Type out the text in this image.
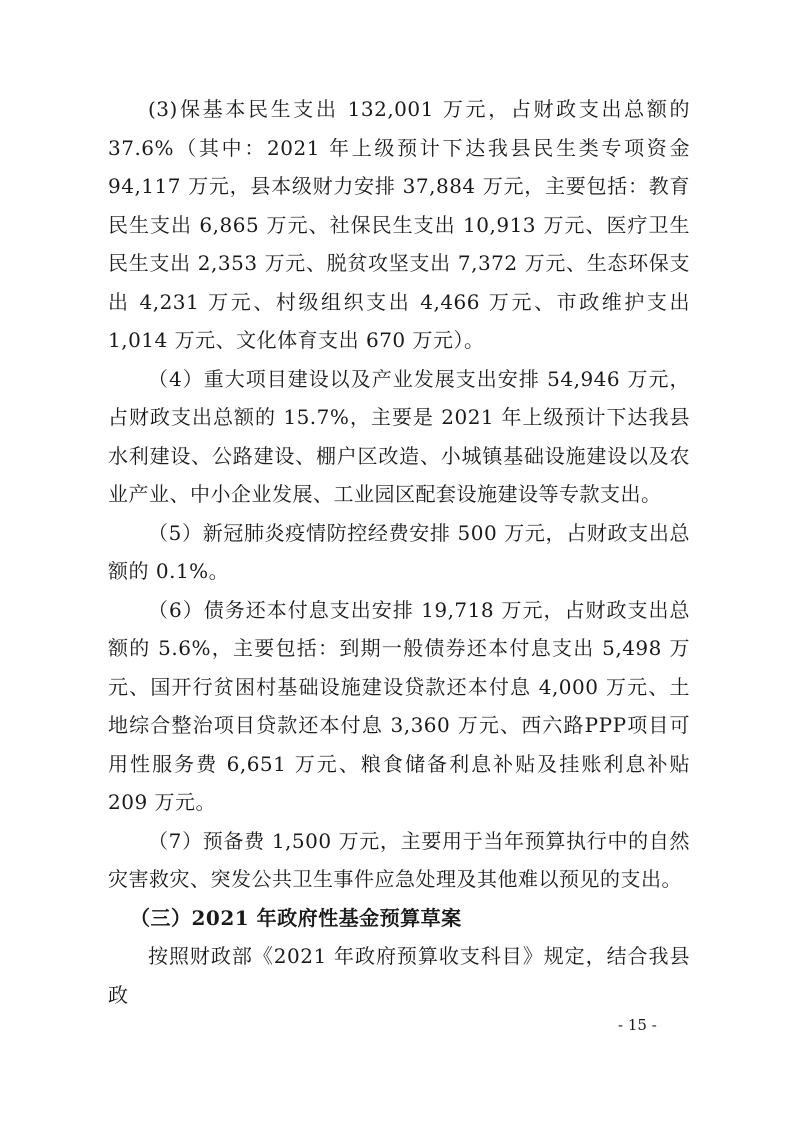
(3)保基本民生支出 132,001 万元，占财政支出总额的 37.6%（其中：2021 年上级预计下达我县民生类专项资金 94,117 万元，县本级财力安排 37,884 万元，主要包括：教育民生支出 6,865 万元、社保民生支出 10,913 万元、医疗卫生民生支出 2,353 万元、脱贫攻坚支出 7,372 万元、生态环保支出 4,231 万元、村级组织支出 4,466 万元、市政维护支出 1,014 万元、文化体育支出 670 万元）。

（4）重大项目建设以及产业发展支出安排 54,946 万元，占财政支出总额的 15.7%，主要是 2021 年上级预计下达我县水利建设、公路建设、棚户区改造、小城镇基础设施建设以及农业产业、中小企业发展、工业园区配套设施建设等专款支出。

（5）新冠肺炎疫情防控经费安排 500 万元，占财政支出总额的 0.1%。

（6）债务还本付息支出安排 19,718 万元，占财政支出总额的 5.6%，主要包括：到期一般债券还本付息支出 5,498 万元、国开行贫困村基础设施建设贷款还本付息 4,000 万元、土地综合整治项目贷款还本付息 3,360 万元、西六路PPP项目可用性服务费 6,651 万元、粮食储备利息补贴及挂账利息补贴 209 万元。

（7）预备费 1,500 万元，主要用于当年预算执行中的自然灾害救灾、突发公共卫生事件应急处理及其他难以预见的支出。

（三）2021 年政府性基金预算草案

按照财政部《2021 年政府预算收支科目》规定，结合我县政

- 15 -
